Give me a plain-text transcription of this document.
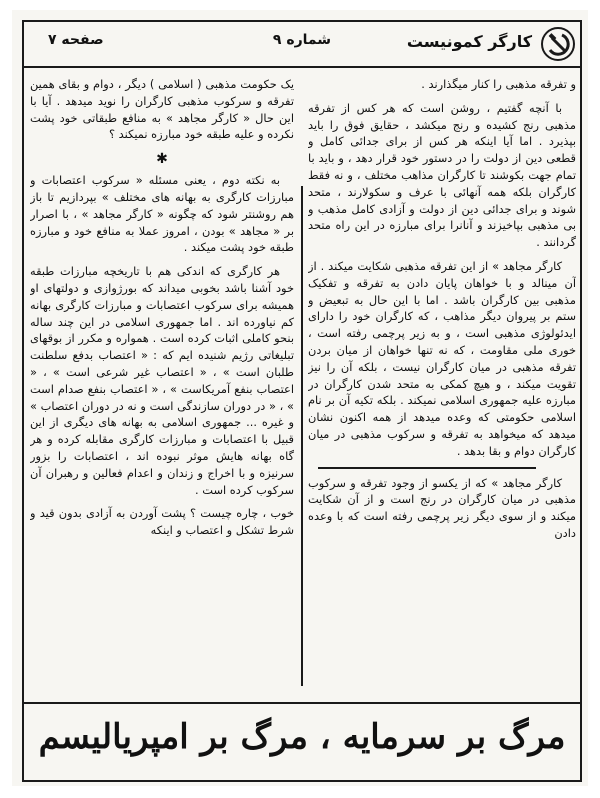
کارگر کمونیست
شماره ۹
صفحه ۷

و تفرقه مذهبی را کنار میگذارند .

با آنچه گفتیم ، روشن است که هر کس از تفرقه مذهبی رنج کشیده و رنج میکشد ، حقایق فوق را باید بپذیرد . اما آیا اینکه هر کس از برای جدائی کامل و قطعی دین از دولت را در دستور خود قرار دهد ، و باید با تمام جهت بکوشند تا کارگران مذاهب مختلف ، و نه فقط کارگران بلکه همه آنهائی با عرف و سکولارند ، متحد شوند و برای جدائی دین از دولت و آزادی کامل مذهب و بی مذهبی بپاخیزند و آنانرا برای مبارزه در این راه متحد گردانند .

کارگر مجاهد » از این تفرقه مذهبی شکایت میکند . از آن مینالد و با خواهان پایان دادن به تفرقه و تفکیک مذهبی بین کارگران باشد . اما با این حال به تبعیض و ستم بر پیروان دیگر مذاهب ، که کارگران خود را دارای ایدئولوژی مذهبی است ، و به زیر پرچمی رفته است ، خوری ملی مقاومت ، که نه تنها خواهان از میان بردن تفرقه مذهبی در میان کارگران نیست ، بلکه آن را نیز تقویت میکند ، و هیچ کمکی به متحد شدن کارگران در مبارزه علیه جمهوری اسلامی نمیکند . بلکه تکیه آن بر نام اسلامی حکومتی که وعده میدهد از همه اکنون نشان میدهد که میخواهد به تفرقه و سرکوب مذهبی در میان کارگران دوام و بقا بدهد .

کارگر مجاهد » که از یکسو از وجود تفرقه و سرکوب مذهبی در میان کارگران در رنج است و از آن شکایت میکند و از سوی دیگر زیر پرچمی رفته است که با وعده دادن

یک حکومت مذهبی ( اسلامی ) دیگر ، دوام و بقای همین تفرقه و سرکوب مذهبی کارگران را نوید میدهد . آیا با این حال « کارگر مجاهد » به منافع طبقاتی خود پشت نکرده و علیه طبقه خود مبارزه نمیکند ؟

✱

به نکته دوم ، یعنی مسئله « سرکوب اعتصابات و مبارزات کارگری به بهانه های مختلف » بپردازیم تا باز هم روشنتر شود که چگونه « کارگر مجاهد » ، با اصرار بر « مجاهد » بودن ، امروز عملا به منافع خود و مبارزه طبقه خود پشت میکند .

هر کارگری که اندکی هم با تاریخچه مبارزات طبقه خود آشنا باشد بخوبی میداند که بورژوازی و دولتهای او همیشه برای سرکوب اعتصابات و مبارزات کارگری بهانه کم نیاورده اند . اما جمهوری اسلامی در این چند ساله بنحو کاملی اثبات کرده است . همواره و مکرر از بوقهای تبلیغاتی رژیم شنیده ایم که : « اعتصاب بدفع سلطنت طلبان است » ، « اعتصاب غیر شرعی است » ، « اعتصاب بنفع آمریکاست » ، « اعتصاب بنفع صدام است » ، « در دوران سازندگی است و نه در دوران اعتصاب » و غیره ... جمهوری اسلامی به بهانه های دیگری از این قبیل با اعتصابات و مبارزات کارگری مقابله کرده و هر گاه بهانه هایش موثر نبوده اند ، اعتصابات را بزور سرنیزه و با اخراج و زندان و اعدام فعالین و رهبران آن سرکوب کرده است .

خوب ، چاره چیست ؟ پشت آوردن به آزادی بدون قید و شرط تشکل و اعتصاب و اینکه

مرگ بر سرمایه ، مرگ بر امپریالیسم
